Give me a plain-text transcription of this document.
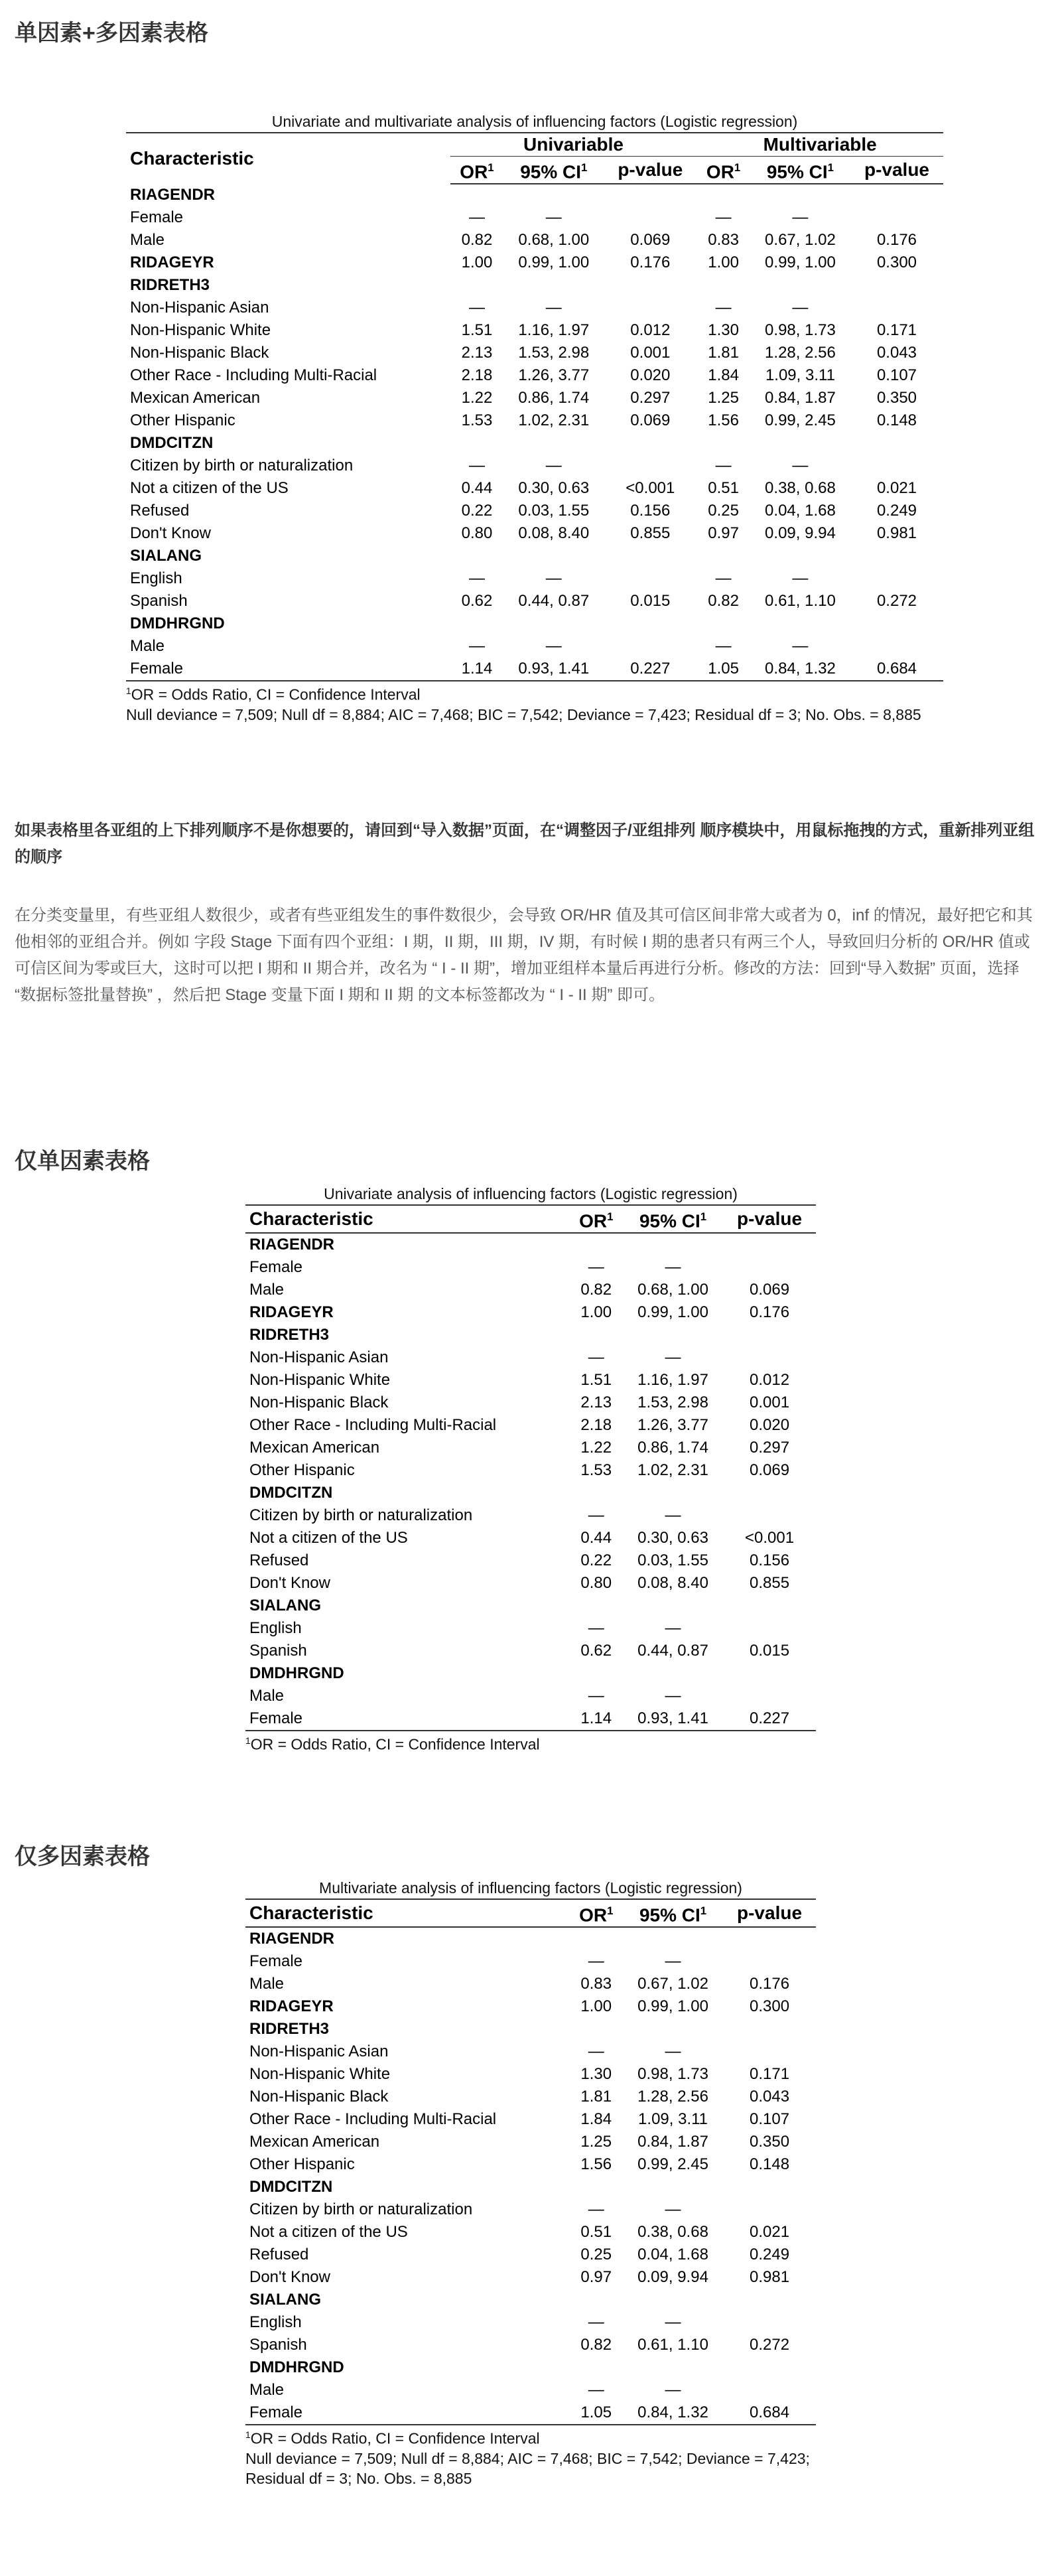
单因素+多因素表格
Univariate and multivariate analysis of influencing factors (Logistic regression)
Characteristic	Univariable			Multivariable		
	$OR^1$	95% $CI^1$	p-value	$OR^1$	95% $CI^1$	p-value
RIAGENDR						
Female	—	—		—	—	
Male	0.82	0.68, 1.00	0.069	0.83	0.67, 1.02	0.176
RIDAGEYR	1.00	0.99, 1.00	0.176	1.00	0.99, 1.00	0.300
RIDRETH3						
Non-Hispanic Asian	—	—		—	—	
Non-Hispanic White	1.51	1.16, 1.97	0.012	1.30	0.98, 1.73	0.171
Non-Hispanic Black	2.13	1.53, 2.98	0.001	1.81	1.28, 2.56	0.043
Other Race - Including Multi-Racial	2.18	1.26, 3.77	0.020	1.84	1.09, 3.11	0.107
Mexican American	1.22	0.86, 1.74	0.297	1.25	0.84, 1.87	0.350
Other Hispanic	1.53	1.02, 2.31	0.069	1.56	0.99, 2.45	0.148
DMDCITZN						
Citizen by birth or naturalization	—	—		—	—	
Not a citizen of the US	0.44	0.30, 0.63	<0.001	0.51	0.38, 0.68	0.021
Refused	0.22	0.03, 1.55	0.156	0.25	0.04, 1.68	0.249
Don't Know	0.80	0.08, 8.40	0.855	0.97	0.09, 9.94	0.981
SIALANG						
English	—	—		—	—	
Spanish	0.62	0.44, 0.87	0.015	0.82	0.61, 1.10	0.272
DMDHRGND						
Male	—	—		—	—	
Female	1.14	0.93, 1.41	0.227	1.05	0.84, 1.32	0.684
$^1$OR = Odds Ratio, CI = Confidence Interval
Null deviance = 7,509; Null df = 8,884; AIC = 7,468; BIC = 7,542; Deviance = 7,423; Residual df = 3; No. Obs. = 8,885

如果表格里各亚组的上下排列顺序不是你想要的，请回到“导入数据”页面，在“调整因子/亚组排列 顺序模块中，用鼠标拖拽的方式，重新排列亚组的顺序

在分类变量里，有些亚组人数很少，或者有些亚组发生的事件数很少，会导致 OR/HR 值及其可信区间非常大或者为 0，inf 的情况，最好把它和其他相邻的亚组合并。例如 字段 Stage 下面有四个亚组：I 期，II 期，III 期，IV 期，有时候 I 期的患者只有两三个人，导致回归分析的 OR/HR 值或可信区间为零或巨大，这时可以把 I 期和 II 期合并，改名为 “ I - II 期”，增加亚组样本量后再进行分析。修改的方法：回到“导入数据” 页面，选择 “数据标签批量替换” ，然后把 Stage 变量下面 I 期和 II 期 的文本标签都改为 “ I - II 期” 即可。

仅单因素表格
Univariate analysis of influencing factors (Logistic regression)
Characteristic	$OR^1$	95% $CI^1$	p-value
RIAGENDR			
Female	—	—	
Male	0.82	0.68, 1.00	0.069
RIDAGEYR	1.00	0.99, 1.00	0.176
RIDRETH3			
Non-Hispanic Asian	—	—	
Non-Hispanic White	1.51	1.16, 1.97	0.012
Non-Hispanic Black	2.13	1.53, 2.98	0.001
Other Race - Including Multi-Racial	2.18	1.26, 3.77	0.020
Mexican American	1.22	0.86, 1.74	0.297
Other Hispanic	1.53	1.02, 2.31	0.069
DMDCITZN			
Citizen by birth or naturalization	—	—	
Not a citizen of the US	0.44	0.30, 0.63	<0.001
Refused	0.22	0.03, 1.55	0.156
Don't Know	0.80	0.08, 8.40	0.855
SIALANG			
English	—	—	
Spanish	0.62	0.44, 0.87	0.015
DMDHRGND			
Male	—	—	
Female	1.14	0.93, 1.41	0.227
$^1$OR = Odds Ratio, CI = Confidence Interval
仅多因素表格
Multivariate analysis of influencing factors (Logistic regression)
Characteristic	$OR^1$	95% $CI^1$	p-value
RIAGENDR			
Female	—	—	
Male	0.83	0.67, 1.02	0.176
RIDAGEYR	1.00	0.99, 1.00	0.300
RIDRETH3			
Non-Hispanic Asian	—	—	
Non-Hispanic White	1.30	0.98, 1.73	0.171
Non-Hispanic Black	1.81	1.28, 2.56	0.043
Other Race - Including Multi-Racial	1.84	1.09, 3.11	0.107
Mexican American	1.25	0.84, 1.87	0.350
Other Hispanic	1.56	0.99, 2.45	0.148
DMDCITZN			
Citizen by birth or naturalization	—	—	
Not a citizen of the US	0.51	0.38, 0.68	0.021
Refused	0.25	0.04, 1.68	0.249
Don't Know	0.97	0.09, 9.94	0.981
SIALANG			
English	—	—	
Spanish	0.82	0.61, 1.10	0.272
DMDHRGND			
Male	—	—	
Female	1.05	0.84, 1.32	0.684
$^1$OR = Odds Ratio, CI = Confidence Interval
Null deviance = 7,509; Null df = 8,884; AIC = 7,468; BIC = 7,542; Deviance = 7,423; Residual df = 3; No. Obs. = 8,885
